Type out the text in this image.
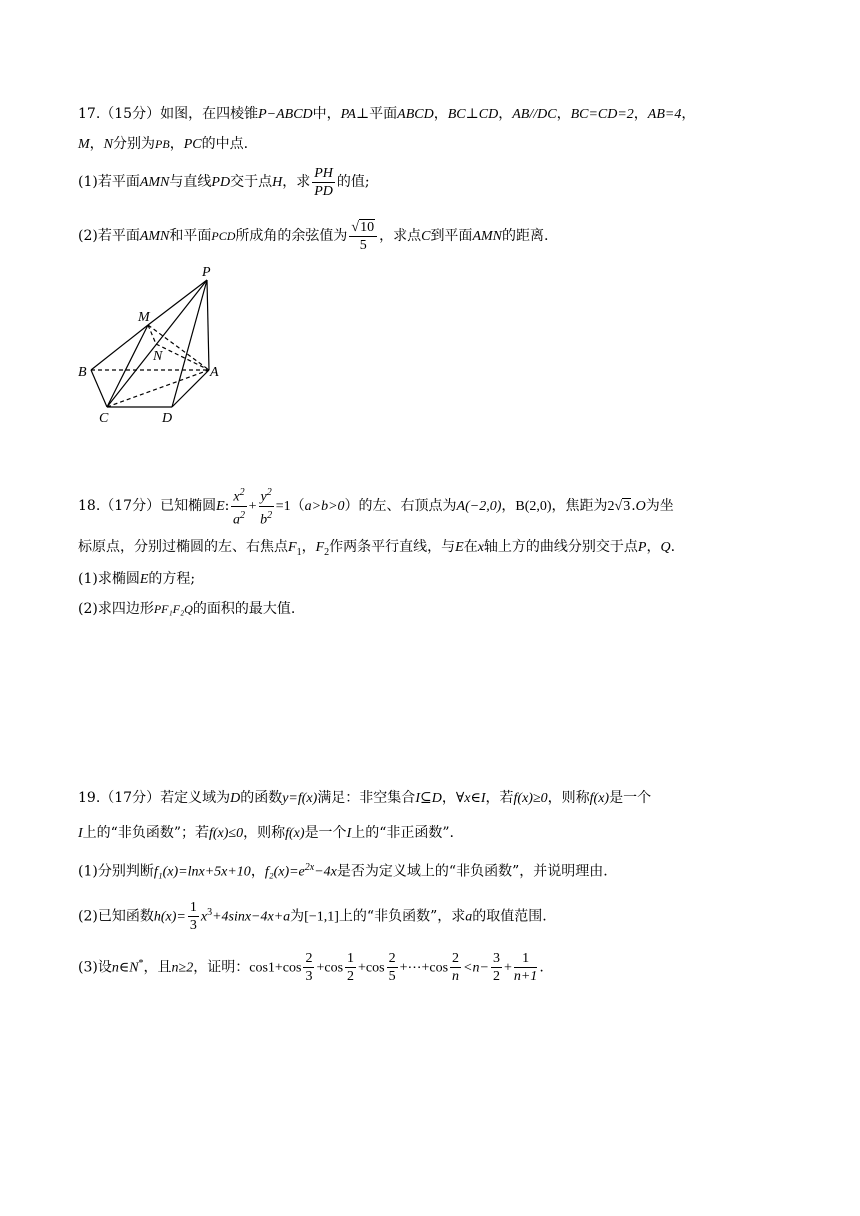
17.（15分）如图，在四棱锥P−ABCD中，PA⊥平面ABCD，BC⊥CD，AB//DC，BC=CD=2，AB=4，
M，N分别为PB，PC的中点.
(1)若平面AMN与直线PD交于点H，求 $\frac{PH}{PD}$ 的值;
(2)若平面AMN和平面PCD所成角的余弦值为 $\frac{√10}{5}$ ，求点C到平面AMN的距离.
P
M
N
B	A
C	D
18.（17分）已知椭圆E: $\frac{x^2}{a^2} + \frac{y^2}{b^2} =1(a>b>0)$的左、右顶点为A(−2,0)，B(2,0)，焦距为2√3.O为坐
标原点，分别过椭圆的左、右焦点$F_1$，$F_2$作两条平行直线，与E在x轴上方的曲线分别交于点P，Q.
(1)求椭圆E的方程;
(2)求四边形PF₁F₂Q的面积的最大值.
19.（17分）若定义域为D的函数y=f(x)满足：非空集合I⊆D，∀x∈I，若f(x)≥0，则称f(x)是一个
I上的“非负函数”；若f(x)≤0，则称f(x)是一个I上的“非正函数”.
(1)分别判断f₁(x)=lnx+5x+10，$f_2(x)=e^{2x}-4x$是否为定义域上的“非负函数”，并说明理由.
(2)已知函数$h(x)= \frac{1}{3} x^3+4\sin x-4x+a$为[−1,1]上的“非负函数”，求a的取值范围.
(3)设n∈N*，且n≥2，证明：$\cos 1+\cos \frac{2}{3} +\cos \frac{1}{2} +\cos \frac{2}{5}$ +⋯+cos $\frac{2}{n} <n- \frac{3}{2} + \frac{1}{n+1}$ .
